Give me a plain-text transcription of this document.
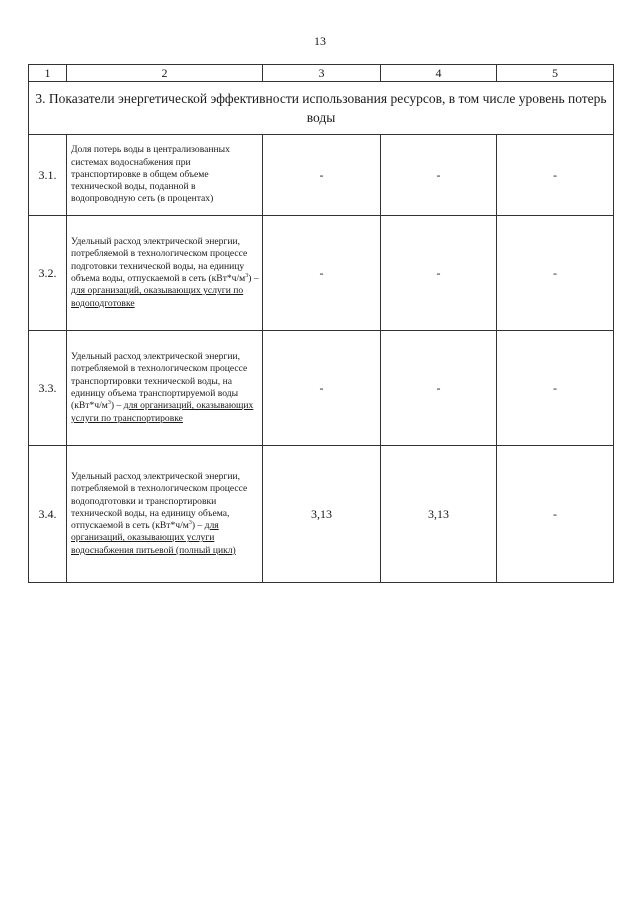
13
1	2	3	4	5
3. Показатели энергетической эффективности использования ресурсов, в том числе уровень потерь воды				
3.1.	Доля потерь воды в централизованных системах водоснабжения при транспортировке в общем объеме технической воды, поданной в водопроводную сеть (в процентах)	-	-	-
3.2.	Удельный расход электрической энергии, потребляемой в технологическом процессе подготовки технической воды, на единицу объема воды, отпускаемой в сеть $(кВт*ч/м^3)$ – для организаций, оказывающих услуги по водоподготовке	-	-	-
3.3.	Удельный расход электрической энергии, потребляемой в технологическом процессе транспортировки технической воды, на единицу объема транспортируемой воды $(кВт*ч/м^3)$ – для организаций, оказывающих услуги по транспортировке	-	-	-
3.4.	Удельный расход электрической энергии, потребляемой в технологическом процессе водоподготовки и транспортировки технической воды, на единицу объема, отпускаемой в сеть $(кВт*ч/м^3)$ – для организаций, оказывающих услуги водоснабжения питьевой (полный цикл)	3,13	3,13	-
